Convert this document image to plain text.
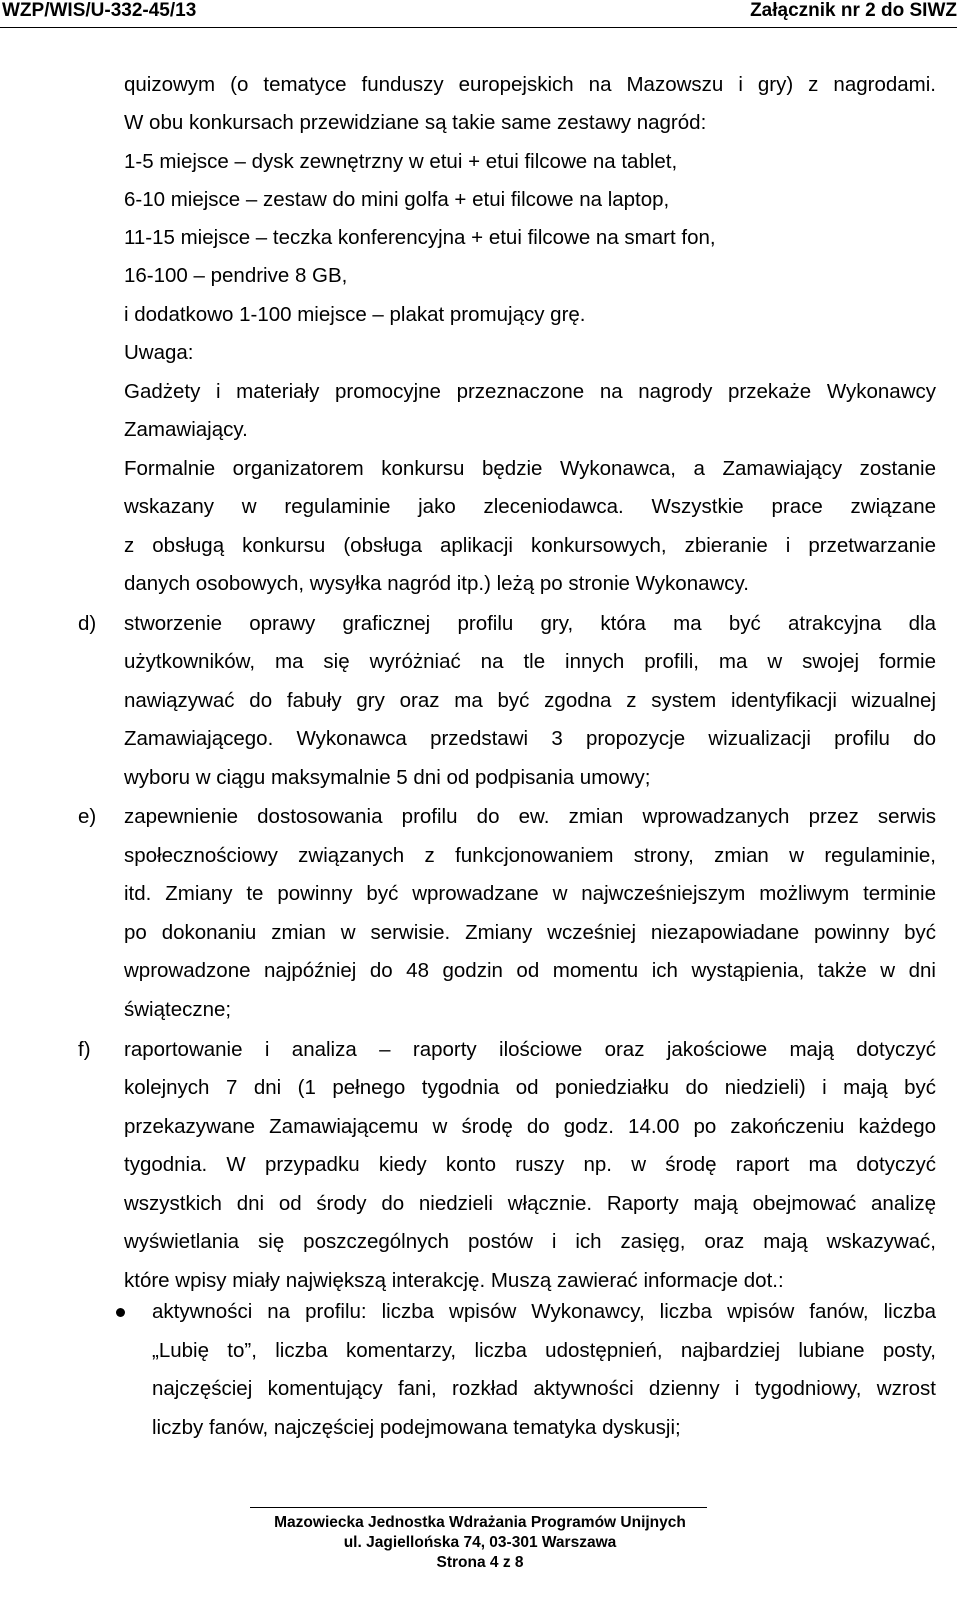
WZP/WIS/U-332-45/13	Załącznik nr 2 do SIWZ
quizowym (o tematyce funduszy europejskich na Mazowszu i gry) z nagrodami.
W obu konkursach przewidziane są takie same zestawy nagród:
1-5 miejsce – dysk zewnętrzny w etui + etui filcowe na tablet,
6-10 miejsce – zestaw do mini golfa + etui filcowe na laptop,
11-15 miejsce – teczka konferencyjna + etui filcowe na smart fon,
16-100 – pendrive 8 GB,
i dodatkowo 1-100 miejsce – plakat promujący grę.
Uwaga:
Gadżety i materiały promocyjne przeznaczone na nagrody przekaże Wykonawcy
Zamawiający.
Formalnie organizatorem konkursu będzie Wykonawca, a Zamawiający zostanie
wskazany w regulaminie jako zleceniodawca. Wszystkie prace związane
z obsługą konkursu (obsługa aplikacji konkursowych, zbieranie i przetwarzanie
danych osobowych, wysyłka nagród itp.) leżą po stronie Wykonawcy.
d) stworzenie oprawy graficznej profilu gry, która ma być atrakcyjna dla
użytkowników, ma się wyróżniać na tle innych profili, ma w swojej formie
nawiązywać do fabuły gry oraz ma być zgodna z system identyfikacji wizualnej
Zamawiającego. Wykonawca przedstawi 3 propozycje wizualizacji profilu do
wyboru w ciągu maksymalnie 5 dni od podpisania umowy;
e) zapewnienie dostosowania profilu do ew. zmian wprowadzanych przez serwis
społecznościowy związanych z funkcjonowaniem strony, zmian w regulaminie,
itd. Zmiany te powinny być wprowadzane w najwcześniejszym możliwym terminie
po dokonaniu zmian w serwisie. Zmiany wcześniej niezapowiadane powinny być
wprowadzone najpóźniej do 48 godzin od momentu ich wystąpienia, także w dni
świąteczne;
f) raportowanie i analiza – raporty ilościowe oraz jakościowe mają dotyczyć
kolejnych 7 dni (1 pełnego tygodnia od poniedziałku do niedzieli) i mają być
przekazywane Zamawiającemu w środę do godz. 14.00 po zakończeniu każdego
tygodnia. W przypadku kiedy konto ruszy np. w środę raport ma dotyczyć
wszystkich dni od środy do niedzieli włącznie. Raporty mają obejmować analizę
wyświetlania się poszczególnych postów i ich zasięg, oraz mają wskazywać,
które wpisy miały największą interakcję. Muszą zawierać informacje dot.:
aktywności na profilu: liczba wpisów Wykonawcy, liczba wpisów fanów, liczba
„Lubię to”, liczba komentarzy, liczba udostępnień, najbardziej lubiane posty,
najczęściej komentujący fani, rozkład aktywności dzienny i tygodniowy, wzrost
liczby fanów, najczęściej podejmowana tematyka dyskusji;
Mazowiecka Jednostka Wdrażania Programów Unijnych
ul. Jagiellońska 74, 03-301 Warszawa
Strona 4 z 8
